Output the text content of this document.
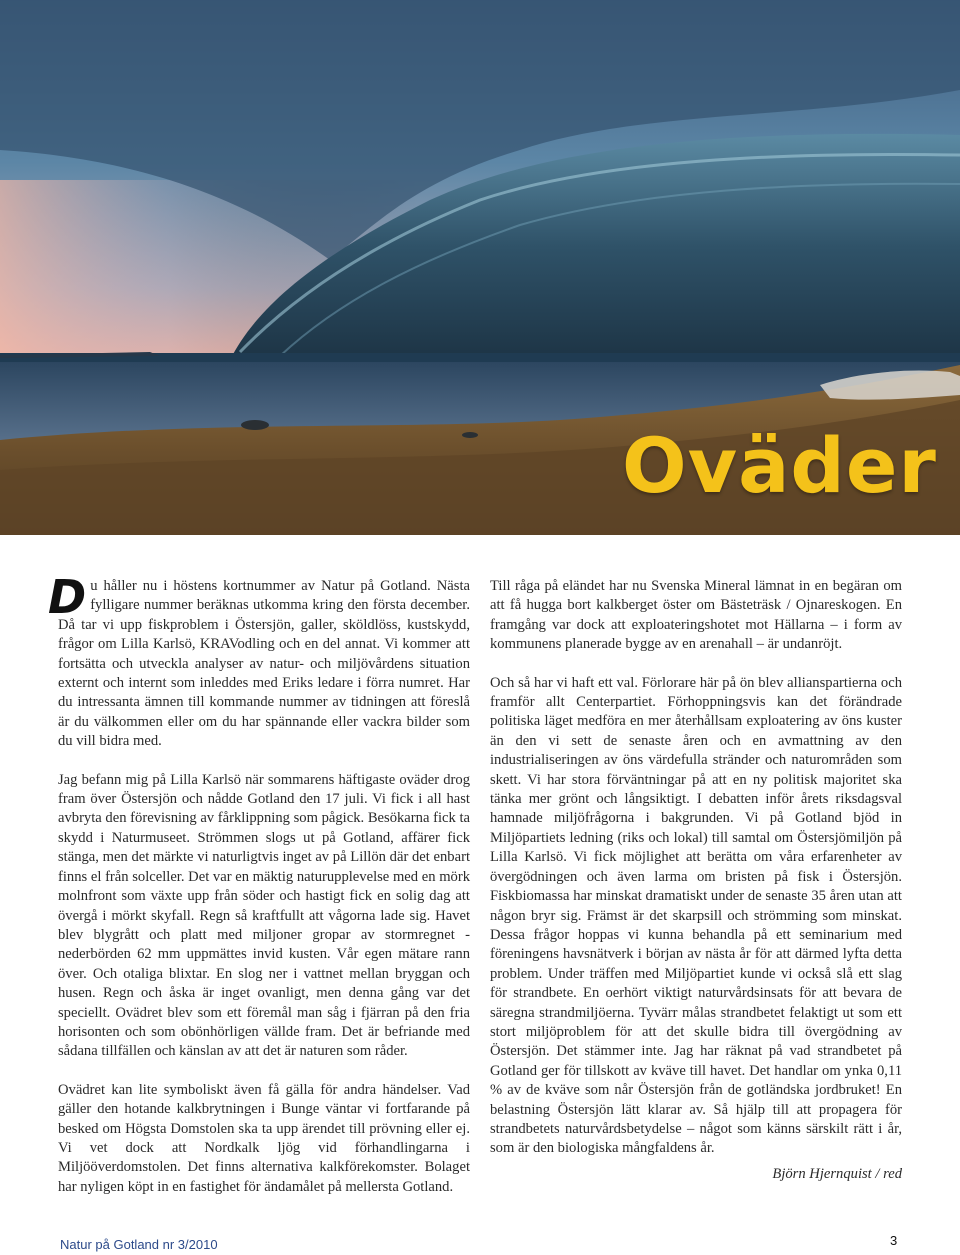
Oväder

Du håller nu i höstens kortnummer av Natur på Gotland. Nästa fylligare nummer beräknas utkomma kring den första december. Då tar vi upp fiskproblem i Östersjön, galler, sköldlöss, kustskydd, frågor om Lilla Karlsö, KRAVodling och en del annat. Vi kommer att fortsätta och utveckla analyser av natur- och miljövårdens situation externt och internt som inleddes med Eriks ledare i förra numret. Har du intressanta ämnen till kommande nummer av tidningen att föreslå är du välkommen eller om du har spännande eller vackra bilder som du vill bidra med.

Jag befann mig på Lilla Karlsö när sommarens häftigaste oväder drog fram över Östersjön och nådde Gotland den 17 juli. Vi fick i all hast avbryta den förevisning av fårklippning som pågick. Besökarna fick ta skydd i Naturmuseet. Strömmen slogs ut på Gotland, affärer fick stänga, men det märkte vi naturligtvis inget av på Lillön där det enbart finns el från solceller. Det var en mäktig naturupplevelse med en mörk molnfront som växte upp från söder och hastigt fick en solig dag att övergå i mörkt skyfall. Regn så kraftfullt att vågorna lade sig. Havet blev blygrått och platt med miljoner gropar av stormregnet - nederbörden 62 mm uppmättes invid kusten. Vår egen mätare rann över. Och otaliga blixtar. En slog ner i vattnet mellan bryggan och husen. Regn och åska är inget ovanligt, men denna gång var det speciellt. Ovädret blev som ett föremål man såg i fjärran på den fria horisonten och som obönhörligen vällde fram. Det är befriande med sådana tillfällen och känslan av att det är naturen som råder.

Ovädret kan lite symboliskt även få gälla för andra händelser. Vad gäller den hotande kalkbrytningen i Bunge väntar vi fortfarande på besked om Högsta Domstolen ska ta upp ärendet till prövning eller ej. Vi vet dock att Nordkalk ljög vid förhandlingarna i Miljööverdomstolen. Det finns alternativa kalkförekomster. Bolaget har nyligen köpt in en fastighet för ändamålet på mellersta Gotland.

Till råga på eländet har nu Svenska Mineral lämnat in en begäran om att få hugga bort kalkberget öster om Bästeträsk / Ojnareskogen. En framgång var dock att exploateringshotet mot Hällarna – i form av kommunens planerade bygge av en arenahall – är undanröjt.

Och så har vi haft ett val. Förlorare här på ön blev allianspartierna och framför allt Centerpartiet. Förhoppningsvis kan det förändrade politiska läget medföra en mer återhållsam exploatering av öns kuster än den vi sett de senaste åren och en avmattning av den industrialiseringen av öns värdefulla stränder och naturområden som skett. Vi har stora förväntningar på att en ny politisk majoritet ska tänka mer grönt och långsiktigt. I debatten inför årets riksdagsval hamnade miljöfrågorna i bakgrunden. Vi på Gotland bjöd in Miljöpartiets ledning (riks och lokal) till samtal om Östersjömiljön på Lilla Karlsö. Vi fick möjlighet att berätta om våra erfarenheter av övergödningen och även larma om bristen på fisk i Östersjön. Fiskbiomassa har minskat dramatiskt under de senaste 35 åren utan att någon bryr sig. Främst är det skarpsill och strömming som minskat. Dessa frågor hoppas vi kunna behandla på ett seminarium med föreningens havsnätverk i början av nästa år för att därmed lyfta detta problem. Under träffen med Miljöpartiet kunde vi också slå ett slag för strandbete. En oerhört viktigt naturvårdsinsats för att bevara de säregna strandmiljöerna. Tyvärr målas strandbetet felaktigt ut som ett stort miljöproblem för att det skulle bidra till övergödning av Östersjön. Det stämmer inte. Jag har räknat på vad strandbetet på Gotland ger för tillskott av kväve till havet. Det handlar om ynka 0,11 % av de kväve som når Östersjön från de gotländska jordbruket! En belastning Östersjön lätt klarar av. Så hjälp till att propagera för strandbetets naturvårdsbetydelse – något som känns särskilt rätt i år, som är den biologiska mångfaldens år.

Björn Hjernquist / red

Natur på Gotland nr 3/2010	3
